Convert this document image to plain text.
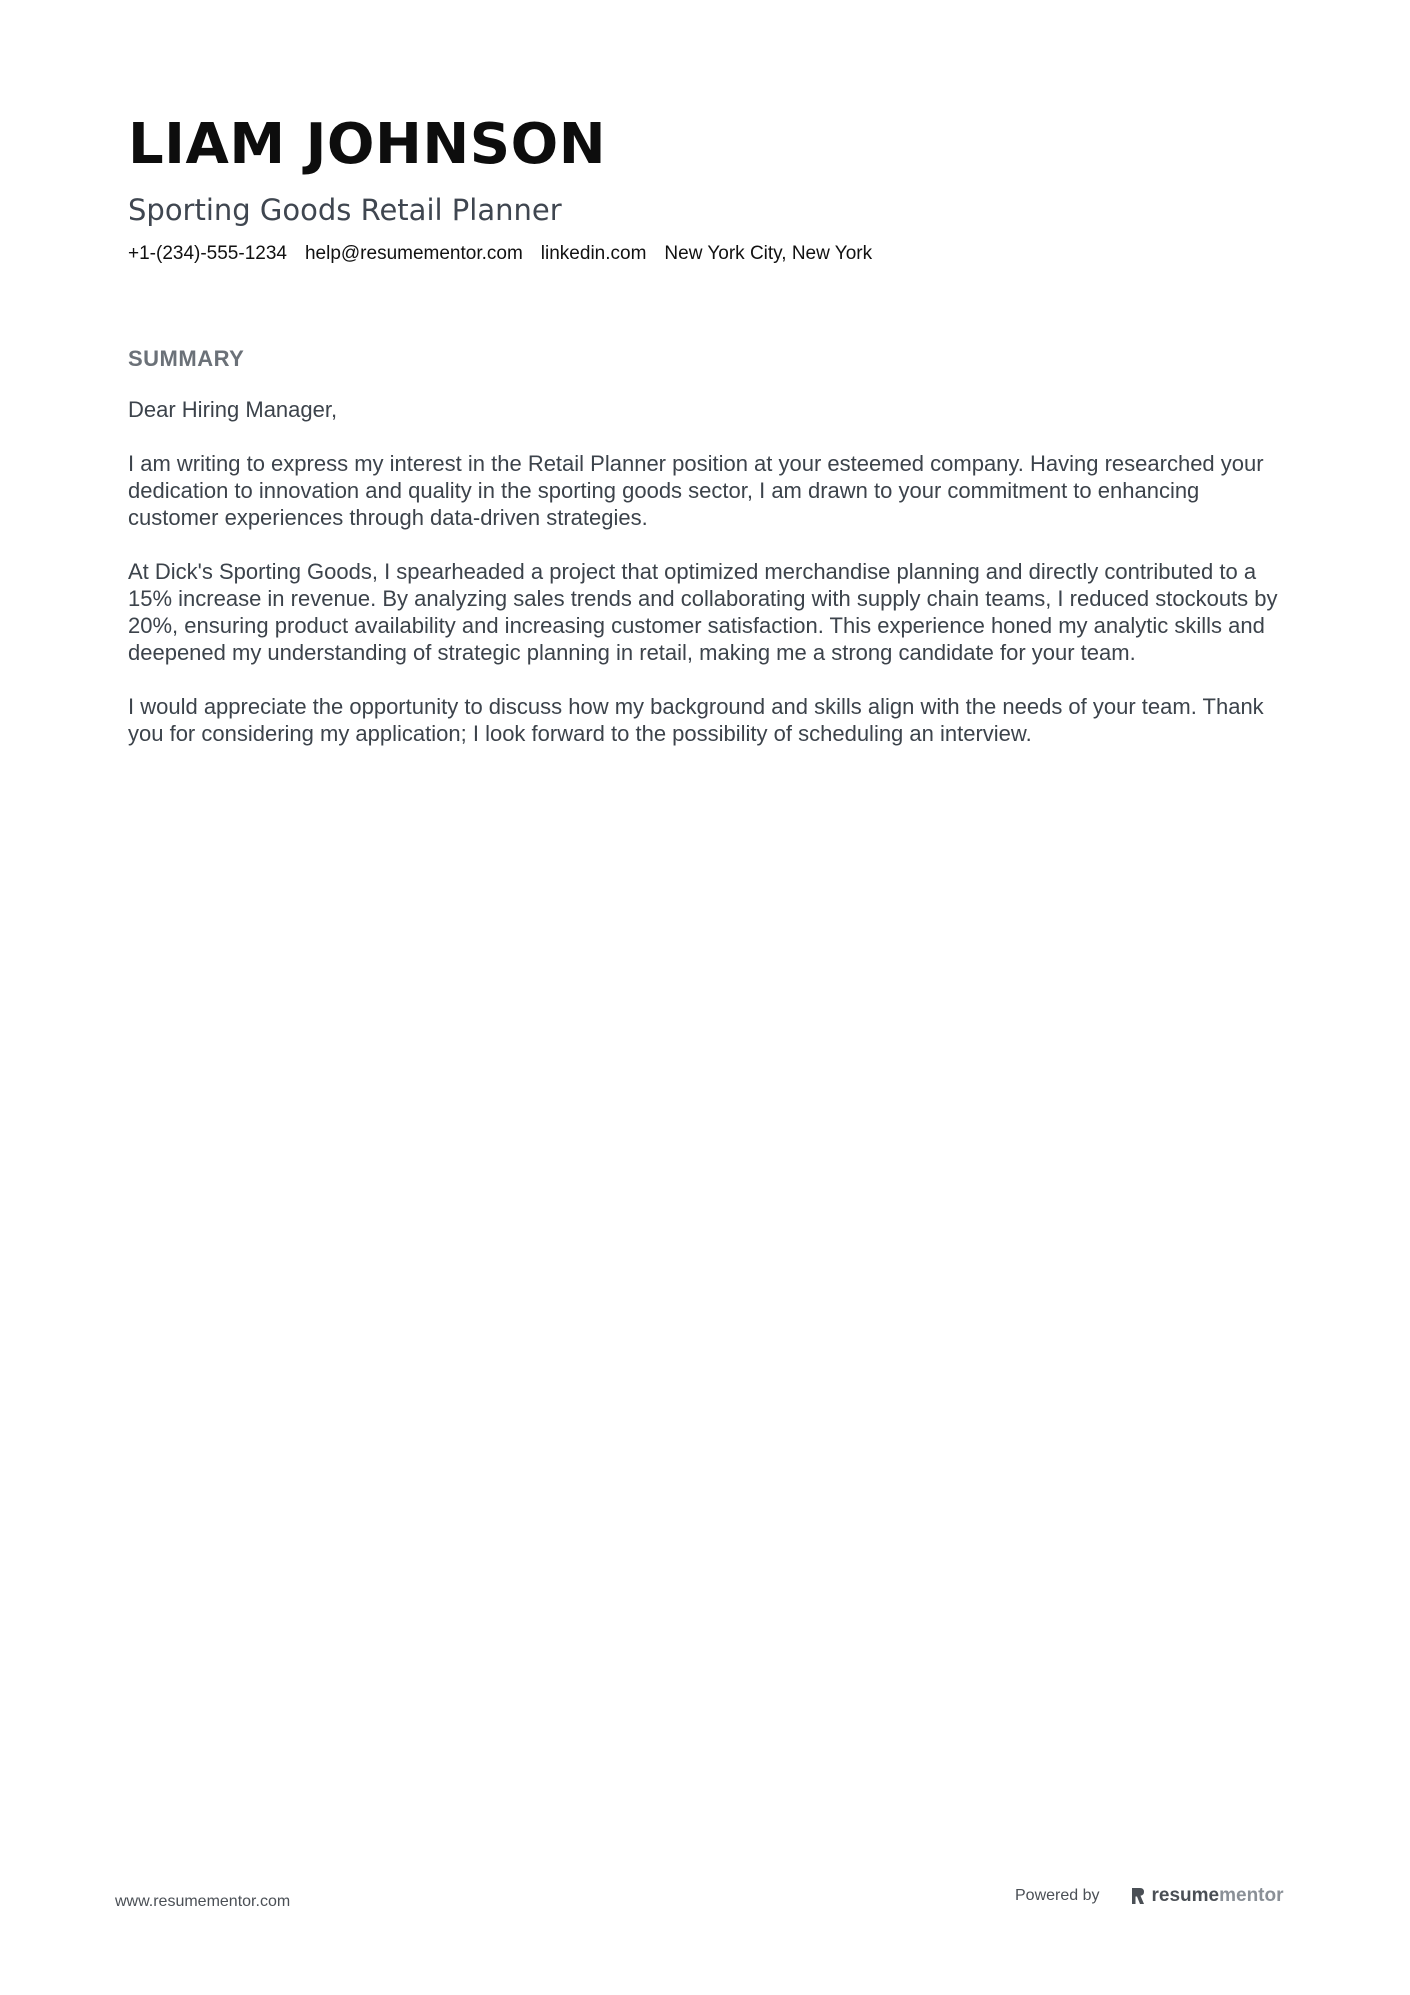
LIAM JOHNSON
Sporting Goods Retail Planner
+1-(234)-555-1234 help@resumementor.com linkedin.com New York City, New York
SUMMARY

Dear Hiring Manager,

I am writing to express my interest in the Retail Planner position at your esteemed company. Having researched your dedication to innovation and quality in the sporting goods sector, I am drawn to your commitment to enhancing customer experiences through data-driven strategies.

At Dick's Sporting Goods, I spearheaded a project that optimized merchandise planning and directly contributed to a 15% increase in revenue. By analyzing sales trends and collaborating with supply chain teams, I reduced stockouts by 20%, ensuring product availability and increasing customer satisfaction. This experience honed my analytic skills and deepened my understanding of strategic planning in retail, making me a strong candidate for your team.

I would appreciate the opportunity to discuss how my background and skills align with the needs of your team. Thank you for considering my application; I look forward to the possibility of scheduling an interview.

www.resumementor.com	Powered by	resume mentor
